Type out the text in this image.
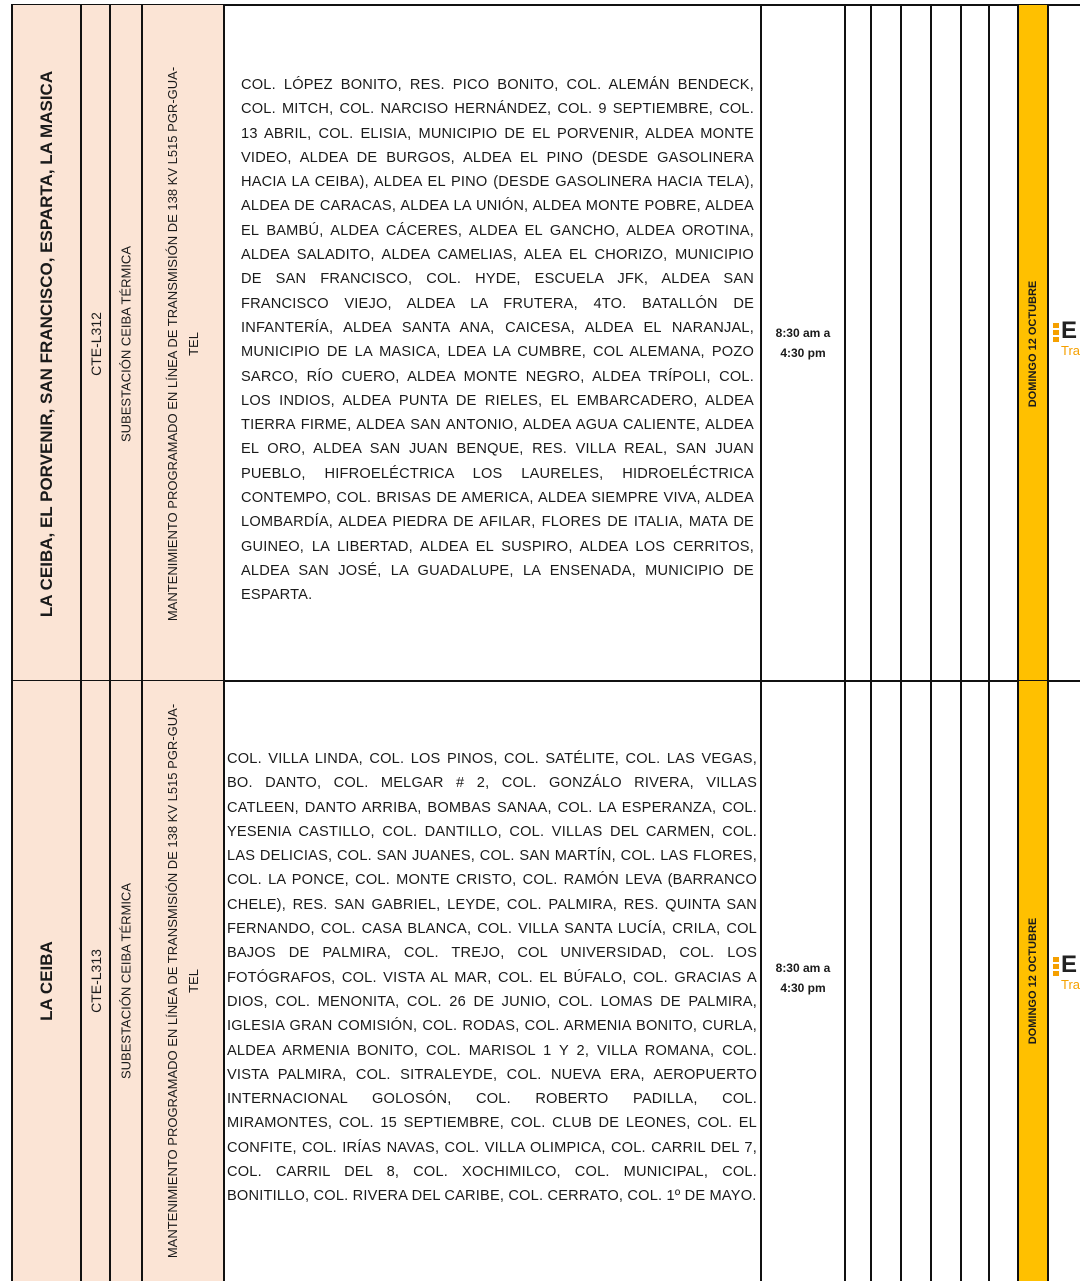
LA CEIBA, EL PORVENIR, SAN FRANCISCO, ESPARTA, LA MASICA CTE-L312 SUBESTACIÓN CEIBA TÉRMICA MANTENIMIENTO PROGRAMADO EN LÍNEA DE TRANSMISIÓN DE 138 KV L515 PGR-GUA-TEL
COL. LÓPEZ BONITO, RES. PICO BONITO, COL. ALEMÁN BENDECK, COL. MITCH, COL. NARCISO HERNÁNDEZ, COL. 9 SEPTIEMBRE, COL. 13 ABRIL, COL. ELISIA, MUNICIPIO DE EL PORVENIR, ALDEA MONTE VIDEO, ALDEA DE BURGOS, ALDEA EL PINO (DESDE GASOLINERA HACIA LA CEIBA), ALDEA EL PINO (DESDE GASOLINERA HACIA TELA), ALDEA DE CARACAS, ALDEA LA UNIÓN, ALDEA MONTE POBRE, ALDEA EL BAMBÚ, ALDEA CÁCERES, ALDEA EL GANCHO, ALDEA OROTINA, ALDEA SALADITO, ALDEA CAMELIAS, ALEA EL CHORIZO, MUNICIPIO DE SAN FRANCISCO, COL. HYDE, ESCUELA JFK, ALDEA SAN FRANCISCO VIEJO, ALDEA LA FRUTERA, 4TO. BATALLÓN DE INFANTERÍA, ALDEA SANTA ANA, CAICESA, ALDEA EL NARANJAL, MUNICIPIO DE LA MASICA, LDEA LA CUMBRE, COL ALEMANA, POZO SARCO, RÍO CUERO, ALDEA MONTE NEGRO, ALDEA TRÍPOLI, COL. LOS INDIOS, ALDEA PUNTA DE RIELES, EL EMBARCADERO, ALDEA TIERRA FIRME, ALDEA SAN ANTONIO, ALDEA AGUA CALIENTE, ALDEA EL ORO, ALDEA SAN JUAN BENQUE, RES. VILLA REAL, SAN JUAN PUEBLO, HIFROELÉCTRICA LOS LAURELES, HIDROELÉCTRICA CONTEMPO, COL. BRISAS DE AMERICA, ALDEA SIEMPRE VIVA, ALDEA LOMBARDÍA, ALDEA PIEDRA DE AFILAR, FLORES DE ITALIA, MATA DE GUINEO, LA LIBERTAD, ALDEA EL SUSPIRO, ALDEA LOS CERRITOS, ALDEA SAN JOSÉ, LA GUADALUPE, LA ENSENADA, MUNICIPIO DE ESPARTA.
8:30 am a
4:30 pm	DOMINGO 12 OCTUBRE E
Tra
LA CEIBA CTE-L313 SUBESTACIÓN CEIBA TÉRMICA MANTENIMIENTO PROGRAMADO EN LÍNEA DE TRANSMISIÓN DE 138 KV L515 PGR-GUA-TEL
COL. VILLA LINDA, COL. LOS PINOS, COL. SATÉLITE, COL. LAS VEGAS, BO. DANTO, COL. MELGAR # 2, COL. GONZÁLO RIVERA, VILLAS CATLEEN, DANTO ARRIBA, BOMBAS SANAA, COL. LA ESPERANZA, COL. YESENIA CASTILLO, COL. DANTILLO, COL. VILLAS DEL CARMEN, COL. LAS DELICIAS, COL. SAN JUANES, COL. SAN MARTÍN, COL. LAS FLORES, COL. LA PONCE, COL. MONTE CRISTO, COL. RAMÓN LEVA (BARRANCO CHELE), RES. SAN GABRIEL, LEYDE, COL. PALMIRA, RES. QUINTA SAN FERNANDO, COL. CASA BLANCA, COL. VILLA SANTA LUCÍA, CRILA, COL BAJOS DE PALMIRA, COL. TREJO, COL UNIVERSIDAD, COL. LOS FOTÓGRAFOS, COL. VISTA AL MAR, COL. EL BÚFALO, COL. GRACIAS A DIOS, COL. MENONITA, COL. 26 DE JUNIO, COL. LOMAS DE PALMIRA, IGLESIA GRAN COMISIÓN, COL. RODAS, COL. ARMENIA BONITO, CURLA, ALDEA ARMENIA BONITO, COL. MARISOL 1 Y 2, VILLA ROMANA, COL. VISTA PALMIRA, COL. SITRALEYDE, COL. NUEVA ERA, AEROPUERTO INTERNACIONAL GOLOSÓN, COL. ROBERTO PADILLA, COL. MIRAMONTES, COL. 15 SEPTIEMBRE, COL. CLUB DE LEONES, COL. EL CONFITE, COL. IRÍAS NAVAS, COL. VILLA OLIMPICA, COL. CARRIL DEL 7, COL. CARRIL DEL 8, COL. XOCHIMILCO, COL. MUNICIPAL, COL. BONITILLO, COL. RIVERA DEL CARIBE, COL. CERRATO, COL. 1º DE MAYO.
8:30 am a
4:30 pm	DOMINGO 12 OCTUBRE E
Tra
